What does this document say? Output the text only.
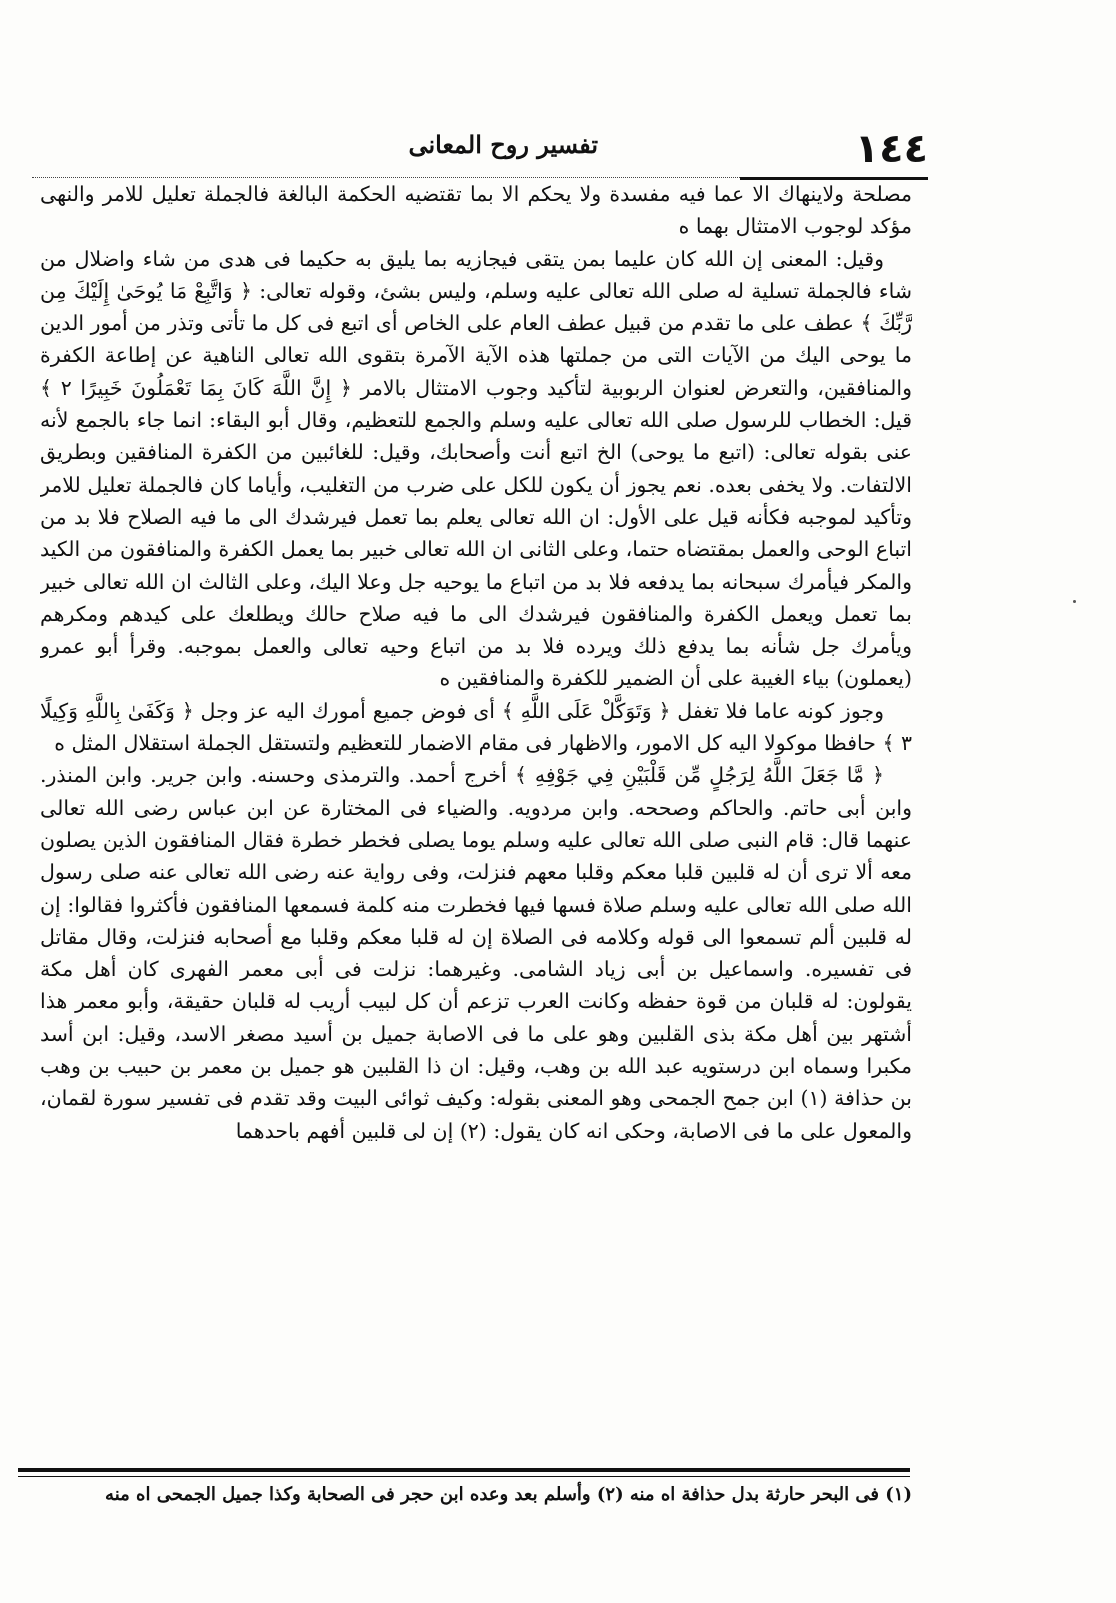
١٤٤
تفسير روح المعانى

مصلحة ولاينهاك الا عما فيه مفسدة ولا يحكم الا بما تقتضيه الحكمة البالغة فالجملة تعليل للامر والنهى مؤكد لوجوب الامتثال بهما ه

وقيل: المعنى إن الله كان عليما بمن يتقى فيجازيه بما يليق به حكيما فى هدى من شاء واضلال من شاء فالجملة تسلية له صلى الله تعالى عليه وسلم، وليس بشئ، وقوله تعالى: ﴿ وَاتَّبِعْ مَا يُوحَىٰ إِلَيْكَ مِن رَّبِّكَ ﴾ عطف على ما تقدم من قبيل عطف العام على الخاص أى اتبع فى كل ما تأتى وتذر من أمور الدين ما يوحى اليك من الآيات التى من جملتها هذه الآية الآمرة بتقوى الله تعالى الناهية عن إطاعة الكفرة والمنافقين، والتعرض لعنوان الربوبية لتأكيد وجوب الامتثال بالامر ﴿ إِنَّ اللَّهَ كَانَ بِمَا تَعْمَلُونَ خَبِيرًا ٢ ﴾ قيل: الخطاب للرسول صلى الله تعالى عليه وسلم والجمع للتعظيم، وقال أبو البقاء: انما جاء بالجمع لأنه عنى بقوله تعالى: (اتبع ما يوحى) الخ اتبع أنت وأصحابك، وقيل: للغائبين من الكفرة المنافقين وبطريق الالتفات. ولا يخفى بعده. نعم يجوز أن يكون للكل على ضرب من التغليب، وأياما كان فالجملة تعليل للامر وتأكيد لموجبه فكأنه قيل على الأول: ان الله تعالى يعلم بما تعمل فيرشدك الى ما فيه الصلاح فلا بد من اتباع الوحى والعمل بمقتضاه حتما، وعلى الثانى ان الله تعالى خبير بما يعمل الكفرة والمنافقون من الكيد والمكر فيأمرك سبحانه بما يدفعه فلا بد من اتباع ما يوحيه جل وعلا اليك، وعلى الثالث ان الله تعالى خبير بما تعمل ويعمل الكفرة والمنافقون فيرشدك الى ما فيه صلاح حالك ويطلعك على كيدهم ومكرهم ويأمرك جل شأنه بما يدفع ذلك ويرده فلا بد من اتباع وحيه تعالى والعمل بموجبه. وقرأ أبو عمرو (يعملون) بياء الغيبة على أن الضمير للكفرة والمنافقين ه

وجوز كونه عاما فلا تغفل ﴿ وَتَوَكَّلْ عَلَى اللَّهِ ﴾ أى فوض جميع أمورك اليه عز وجل ﴿ وَكَفَىٰ بِاللَّهِ وَكِيلًا ٣ ﴾ حافظا موكولا اليه كل الامور، والاظهار فى مقام الاضمار للتعظيم ولتستقل الجملة استقلال المثل ه

﴿ مَّا جَعَلَ اللَّهُ لِرَجُلٍ مِّن قَلْبَيْنِ فِي جَوْفِهِ ﴾ أخرج أحمد. والترمذى وحسنه. وابن جرير. وابن المنذر. وابن أبى حاتم. والحاكم وصححه. وابن مردويه. والضياء فى المختارة عن ابن عباس رضى الله تعالى عنهما قال: قام النبى صلى الله تعالى عليه وسلم يوما يصلى فخطر خطرة فقال المنافقون الذين يصلون معه ألا ترى أن له قلبين قلبا معكم وقلبا معهم فنزلت، وفى رواية عنه رضى الله تعالى عنه صلى رسول الله صلى الله تعالى عليه وسلم صلاة فسها فيها فخطرت منه كلمة فسمعها المنافقون فأكثروا فقالوا: إن له قلبين ألم تسمعوا الى قوله وكلامه فى الصلاة إن له قلبا معكم وقلبا مع أصحابه فنزلت، وقال مقاتل فى تفسيره. واسماعيل بن أبى زياد الشامى. وغيرهما: نزلت فى أبى معمر الفهرى كان أهل مكة يقولون: له قلبان من قوة حفظه وكانت العرب تزعم أن كل لبيب أريب له قلبان حقيقة، وأبو معمر هذا أشتهر بين أهل مكة بذى القلبين وهو على ما فى الاصابة جميل بن أسيد مصغر الاسد، وقيل: ابن أسد مكبرا وسماه ابن درستويه عبد الله بن وهب، وقيل: ان ذا القلبين هو جميل بن معمر بن حبيب بن وهب بن حذافة (١) ابن جمح الجمحى وهو المعنى بقوله: وكيف ثوائى البيت وقد تقدم فى تفسير سورة لقمان، والمعول على ما فى الاصابة، وحكى انه كان يقول: (٢) إن لى قلبين أفهم باحدهما

(١) فى البحر حارثة بدل حذافة اه منه (٢) وأسلم بعد وعده ابن حجر فى الصحابة وكذا جميل الجمحى اه منه
